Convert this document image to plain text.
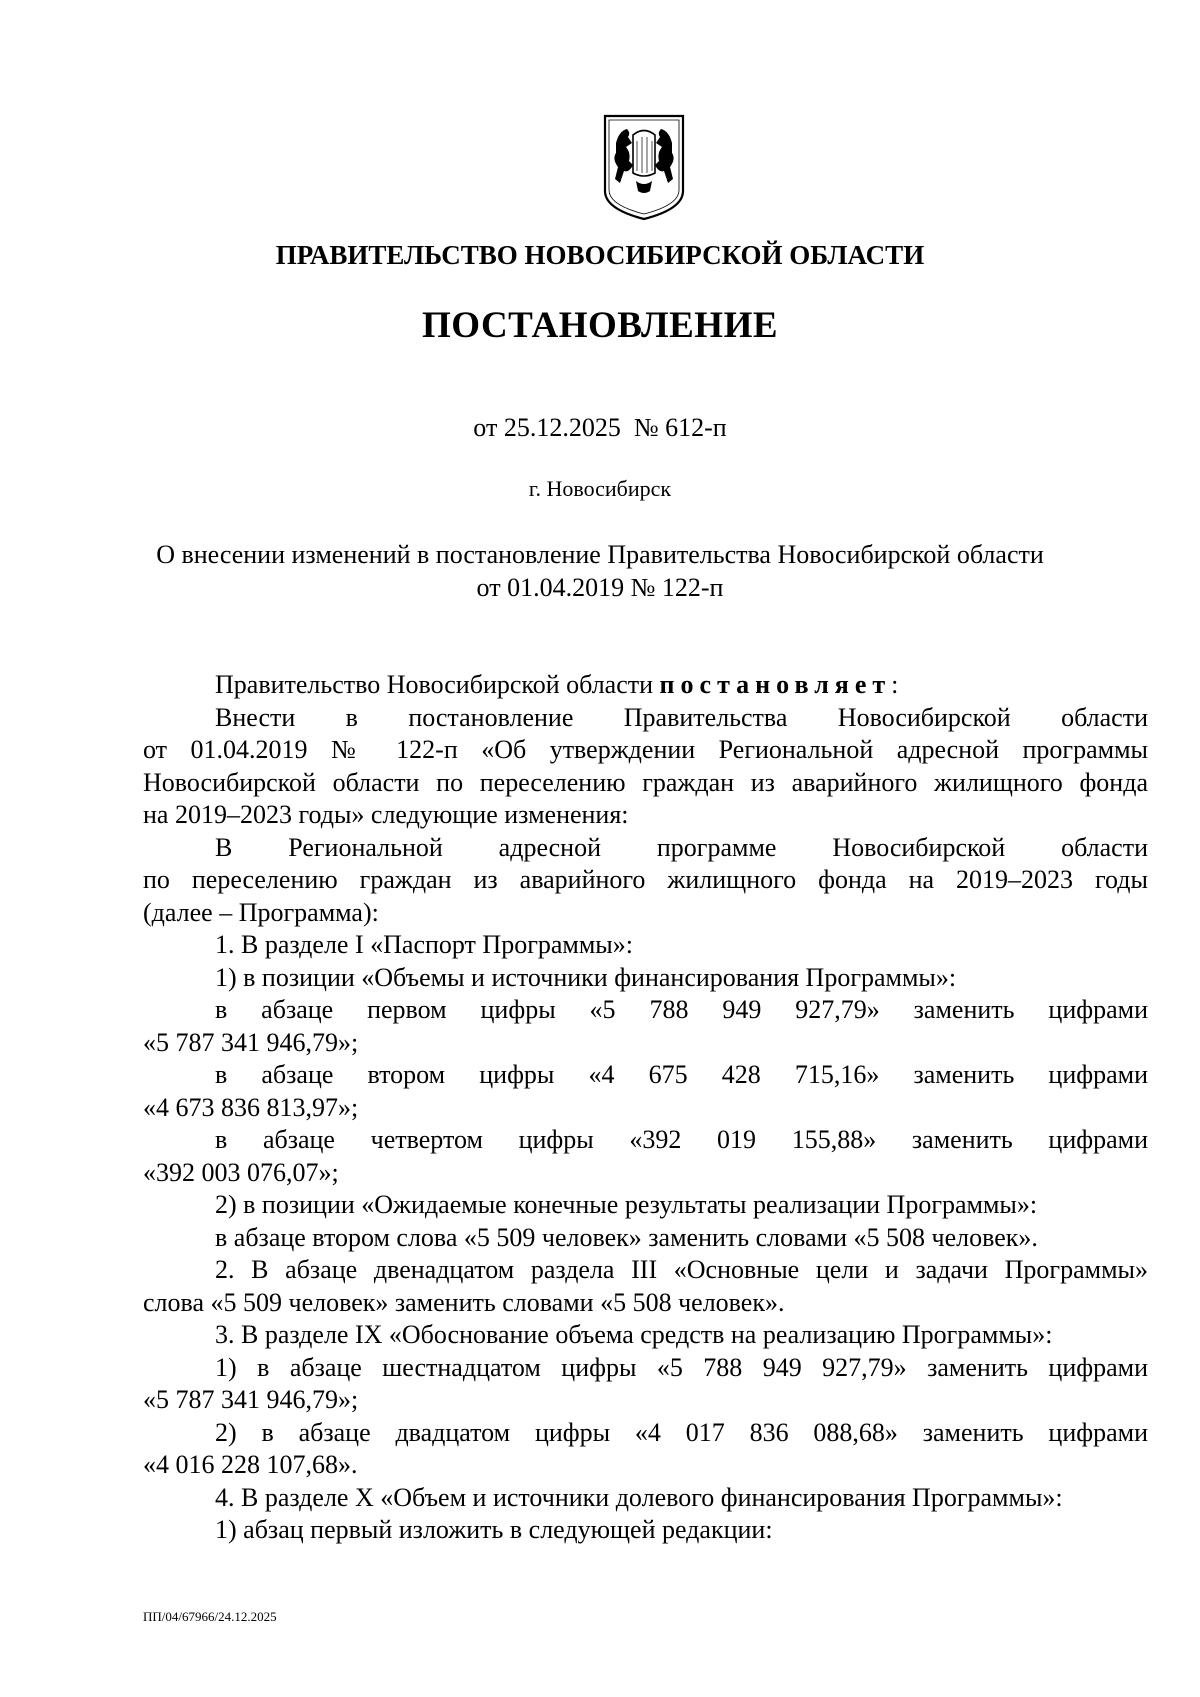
ПРАВИТЕЛЬСТВО НОВОСИБИРСКОЙ ОБЛАСТИ
ПОСТАНОВЛЕНИЕ
от 25.12.2025  № 612-п
г. Новосибирск
О внесении изменений в постановление Правительства Новосибирской области
от 01.04.2019 № 122-п
Правительство Новосибирской области постановляет:
Внести в постановление Правительства Новосибирской области
от 01.04.2019 № 122-п «Об утверждении Региональной адресной программы
Новосибирской области по переселению граждан из аварийного жилищного фонда
на 2019–2023 годы» следующие изменения:
В Региональной адресной программе Новосибирской области
по переселению граждан из аварийного жилищного фонда на 2019–2023 годы
(далее – Программа):
1. В разделе I «Паспорт Программы»:
1) в позиции «Объемы и источники финансирования Программы»:
в абзаце первом цифры «5 788 949 927,79» заменить цифрами
«5 787 341 946,79»;
в абзаце втором цифры «4 675 428 715,16» заменить цифрами
«4 673 836 813,97»;
в абзаце четвертом цифры «392 019 155,88» заменить цифрами
«392 003 076,07»;
2) в позиции «Ожидаемые конечные результаты реализации Программы»:
в абзаце втором слова «5 509 человек» заменить словами «5 508 человек».
2. В абзаце двенадцатом раздела III «Основные цели и задачи Программы»
слова «5 509 человек» заменить словами «5 508 человек».
3. В разделе IX «Обоснование объема средств на реализацию Программы»:
1) в абзаце шестнадцатом цифры «5 788 949 927,79» заменить цифрами
«5 787 341 946,79»;
2) в абзаце двадцатом цифры «4 017 836 088,68» заменить цифрами
«4 016 228 107,68».
4. В разделе X «Объем и источники долевого финансирования Программы»:
1) абзац первый изложить в следующей редакции:
ПП/04/67966/24.12.2025
